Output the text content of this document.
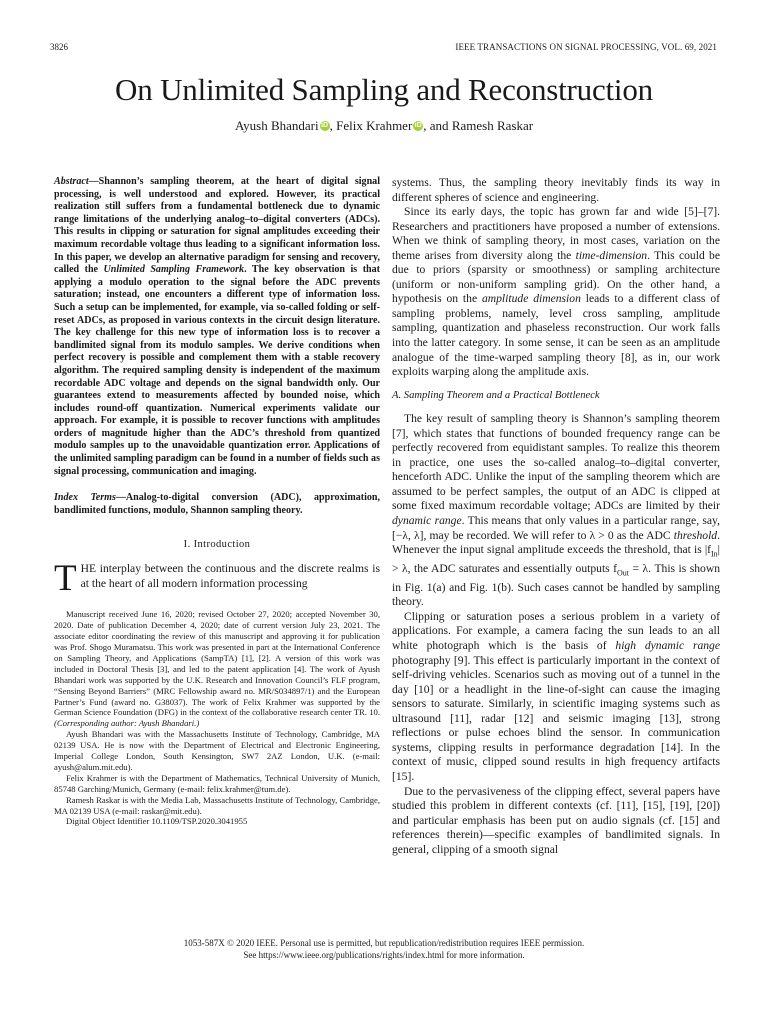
3826	IEEE TRANSACTIONS ON SIGNAL PROCESSING, VOL. 69, 2021
On Unlimited Sampling and Reconstruction
Ayush Bhandari iD , Felix Krahmer iD , and Ramesh Raskar
Abstract—Shannon’s sampling theorem, at the heart of digital signal processing, is well understood and explored. However, its practical realization still suffers from a fundamental bottleneck due to dynamic range limitations of the underlying analog–to–digital converters (ADCs). This results in clipping or saturation for signal amplitudes exceeding their maximum recordable voltage thus leading to a significant information loss. In this paper, we develop an alternative paradigm for sensing and recovery, called the Unlimited Sampling Framework. The key observation is that applying a modulo operation to the signal before the ADC prevents saturation; instead, one encounters a different type of information loss. Such a setup can be implemented, for example, via so-called folding or self-reset ADCs, as proposed in various contexts in the circuit design literature. The key challenge for this new type of information loss is to recover a bandlimited signal from its modulo samples. We derive conditions when perfect recovery is possible and complement them with a stable recovery algorithm. The required sampling density is independent of the maximum recordable ADC voltage and depends on the signal bandwidth only. Our guarantees extend to measurements affected by bounded noise, which includes round-off quantization. Numerical experiments validate our approach. For example, it is possible to recover functions with amplitudes orders of magnitude higher than the ADC’s threshold from quantized modulo samples up to the unavoidable quantization error. Applications of the unlimited sampling paradigm can be found in a number of fields such as signal processing, communication and imaging.
Index Terms—Analog-to-digital conversion (ADC), approximation, bandlimited functions, modulo, Shannon sampling theory.
I. Introduction
THE interplay between the continuous and the discrete realms is at the heart of all modern information processing

Manuscript received June 16, 2020; revised October 27, 2020; accepted November 30, 2020. Date of publication December 4, 2020; date of current version July 23, 2021. The associate editor coordinating the review of this manuscript and approving it for publication was Prof. Shogo Muramatsu. This work was presented in part at the International Conference on Sampling Theory, and Applications (SampTA) [1], [2]. A version of this work was included in Doctoral Thesis [3], and led to the patent application [4]. The work of Ayush Bhandari work was supported by the U.K. Research and Innovation Council’s FLF program, “Sensing Beyond Barriers” (MRC Fellowship award no. MR/S034897/1) and the European Partner’s Fund (award no. G38037). The work of Felix Krahmer was supported by the German Science Foundation (DFG) in the context of the collaborative research center TR. 10. (Corresponding author: Ayush Bhandari.)

Ayush Bhandari was with the Massachusetts Institute of Technology, Cambridge, MA 02139 USA. He is now with the Department of Electrical and Electronic Engineering, Imperial College London, South Kensington, SW7 2AZ London, U.K. (e-mail: ayush@alum.mit.edu).

Felix Krahmer is with the Department of Mathematics, Technical University of Munich, 85748 Garching/Munich, Germany (e-mail: felix.krahmer@tum.de).

Ramesh Raskar is with the Media Lab, Massachusetts Institute of Technology, Cambridge, MA 02139 USA (e-mail: raskar@mit.edu).

Digital Object Identifier 10.1109/TSP.2020.3041955

systems. Thus, the sampling theory inevitably finds its way in different spheres of science and engineering.

Since its early days, the topic has grown far and wide [5]–[7]. Researchers and practitioners have proposed a number of extensions. When we think of sampling theory, in most cases, variation on the theme arises from diversity along the time-dimension. This could be due to priors (sparsity or smoothness) or sampling architecture (uniform or non-uniform sampling grid). On the other hand, a hypothesis on the amplitude dimension leads to a different class of sampling problems, namely, level cross sampling, amplitude sampling, quantization and phaseless reconstruction. Our work falls into the latter category. In some sense, it can be seen as an amplitude analogue of the time-warped sampling theory [8], as in, our work exploits warping along the amplitude axis.

A. Sampling Theorem and a Practical Bottleneck

The key result of sampling theory is Shannon’s sampling theorem [7], which states that functions of bounded frequency range can be perfectly recovered from equidistant samples. To realize this theorem in practice, one uses the so-called analog–to–digital converter, henceforth ADC. Unlike the input of the sampling theorem which are assumed to be perfect samples, the output of an ADC is clipped at some fixed maximum recordable voltage; ADCs are limited by their dynamic range. This means that only values in a particular range, say, [−λ, λ], may be recorded. We will refer to λ > 0 as the ADC threshold. Whenever the input signal amplitude exceeds the threshold, that is $|f_{In}| > \lambda$, the ADC saturates and essentially outputs $f_{Out} = \lambda$. This is shown in Fig. 1(a) and Fig. 1(b). Such cases cannot be handled by sampling theory.

Clipping or saturation poses a serious problem in a variety of applications. For example, a camera facing the sun leads to an all white photograph which is the basis of high dynamic range photography [9]. This effect is particularly important in the context of self-driving vehicles. Scenarios such as moving out of a tunnel in the day [10] or a headlight in the line-of-sight can cause the imaging sensors to saturate. Similarly, in scientific imaging systems such as ultrasound [11], radar [12] and seismic imaging [13], strong reflections or pulse echoes blind the sensor. In communication systems, clipping results in performance degradation [14]. In the context of music, clipped sound results in high frequency artifacts [15].

Due to the pervasiveness of the clipping effect, several papers have studied this problem in different contexts (cf. [11], [15], [19], [20]) and particular emphasis has been put on audio signals (cf. [15] and references therein)—specific examples of bandlimited signals. In general, clipping of a smooth signal

1053-587X © 2020 IEEE. Personal use is permitted, but republication/redistribution requires IEEE permission.
See https://www.ieee.org/publications/rights/index.html for more information.
